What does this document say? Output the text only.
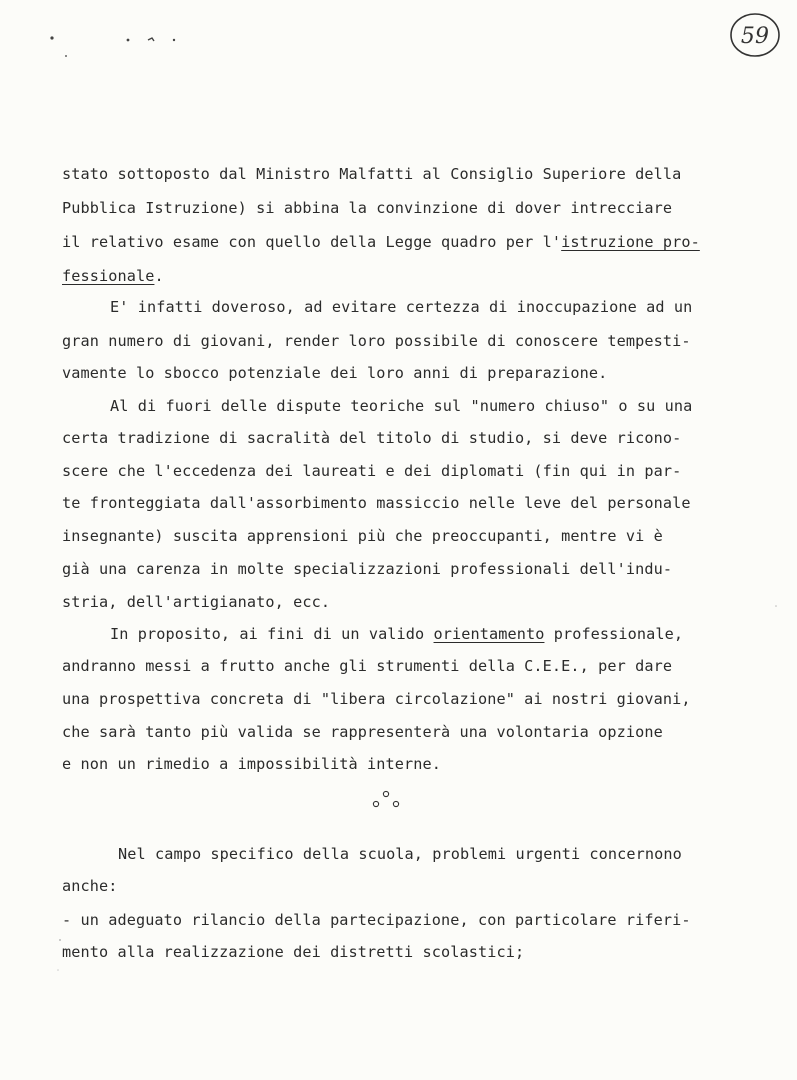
59
stato sottoposto dal Ministro Malfatti al Consiglio Superiore della
Pubblica Istruzione) si abbina la convinzione di dover intrecciare
il relativo esame con quello della Legge quadro per l'istruzione pro-
fessionale.
E' infatti doveroso, ad evitare certezza di inoccupazione ad un
gran numero di giovani, render loro possibile di conoscere tempesti-
vamente lo sbocco potenziale dei loro anni di preparazione.
Al di fuori delle dispute teoriche sul "numero chiuso" o su una
certa tradizione di sacralità del titolo di studio, si deve ricono-
scere che l'eccedenza dei laureati e dei diplomati (fin qui in par-
te fronteggiata dall'assorbimento massiccio nelle leve del personale
insegnante) suscita apprensioni più che preoccupanti, mentre vi è
già una carenza in molte specializzazioni professionali dell'indu-
stria, dell'artigianato, ecc.
In proposito, ai fini di un valido orientamento professionale,
andranno messi a frutto anche gli strumenti della C.E.E., per dare
una prospettiva concreta di "libera circolazione" ai nostri giovani,
che sarà tanto più valida se rappresenterà una volontaria opzione
e non un rimedio a impossibilità interne.
Nel campo specifico della scuola, problemi urgenti concernono
anche:
- un adeguato rilancio della partecipazione, con particolare riferi-
mento alla realizzazione dei distretti scolastici;
